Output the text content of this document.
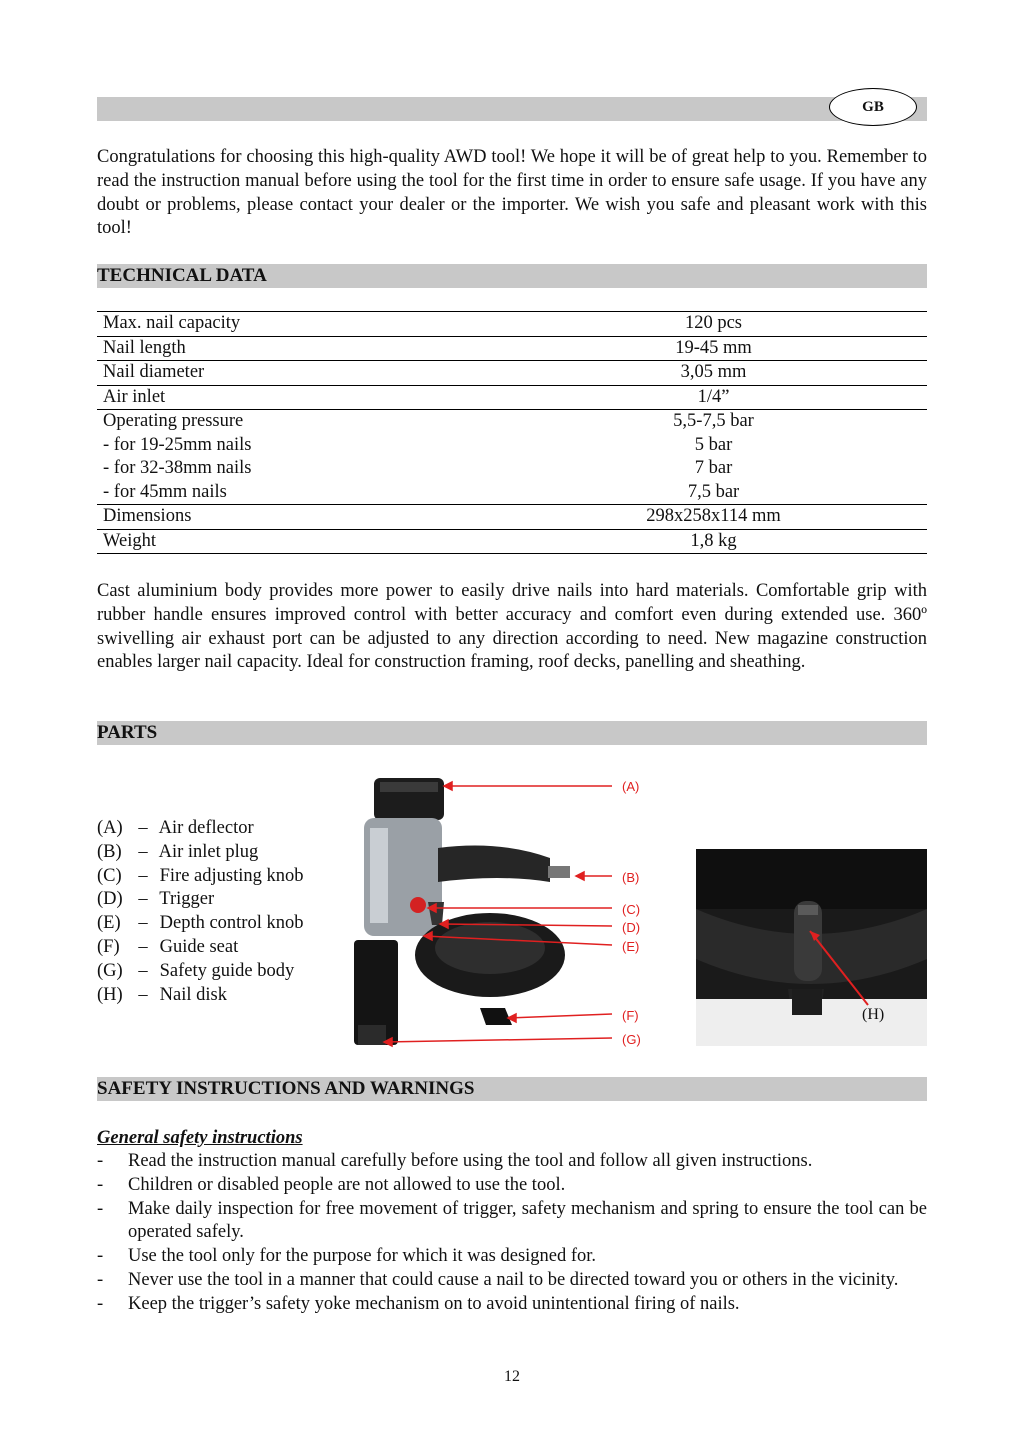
GB
Congratulations for choosing this high-quality AWD tool! We hope it will be of great help to you. Remember to read the instruction manual before using the tool for the first time in order to ensure safe usage. If you have any doubt or problems, please contact your dealer or the importer. We wish you safe and pleasant work with this tool!
TECHNICAL DATA
Max. nail capacity	120 pcs
Nail length	19-45 mm
Nail diameter	3,05 mm
Air inlet	1/4”
Operating pressure	5,5-7,5 bar
- for 19-25mm nails	5 bar
- for 32-38mm nails	7 bar
- for 45mm nails	7,5 bar
Dimensions	298x258x114 mm
Weight	1,8 kg
Cast aluminium body provides more power to easily drive nails into hard materials. Comfortable grip with rubber handle ensures improved control with better accuracy and comfort even during extended use. 360º swivelling air exhaust port can be adjusted to any direction according to need. New magazine construction enables larger nail capacity. Ideal for construction framing, roof decks, panelling and sheathing.
PARTS
(A) – Air deflector
(B) – Air inlet plug
(C) – Fire adjusting knob
(D) – Trigger
(E) – Depth control knob
(F) – Guide seat
(G) – Safety guide body
(H) – Nail disk
(A)
(B)
(C)
(D)
(E)
(F)
(G)
(H)
SAFETY INSTRUCTIONS AND WARNINGS
General safety instructions
-	Read the instruction manual carefully before using the tool and follow all given instructions.
-	Children or disabled people are not allowed to use the tool.
-	Make daily inspection for free movement of trigger, safety mechanism and spring to ensure the tool can be operated safely.
-	Use the tool only for the purpose for which it was designed for.
-	Never use the tool in a manner that could cause a nail to be directed toward you or others in the vicinity.
-	Keep the trigger’s safety yoke mechanism on to avoid unintentional firing of nails.
12
